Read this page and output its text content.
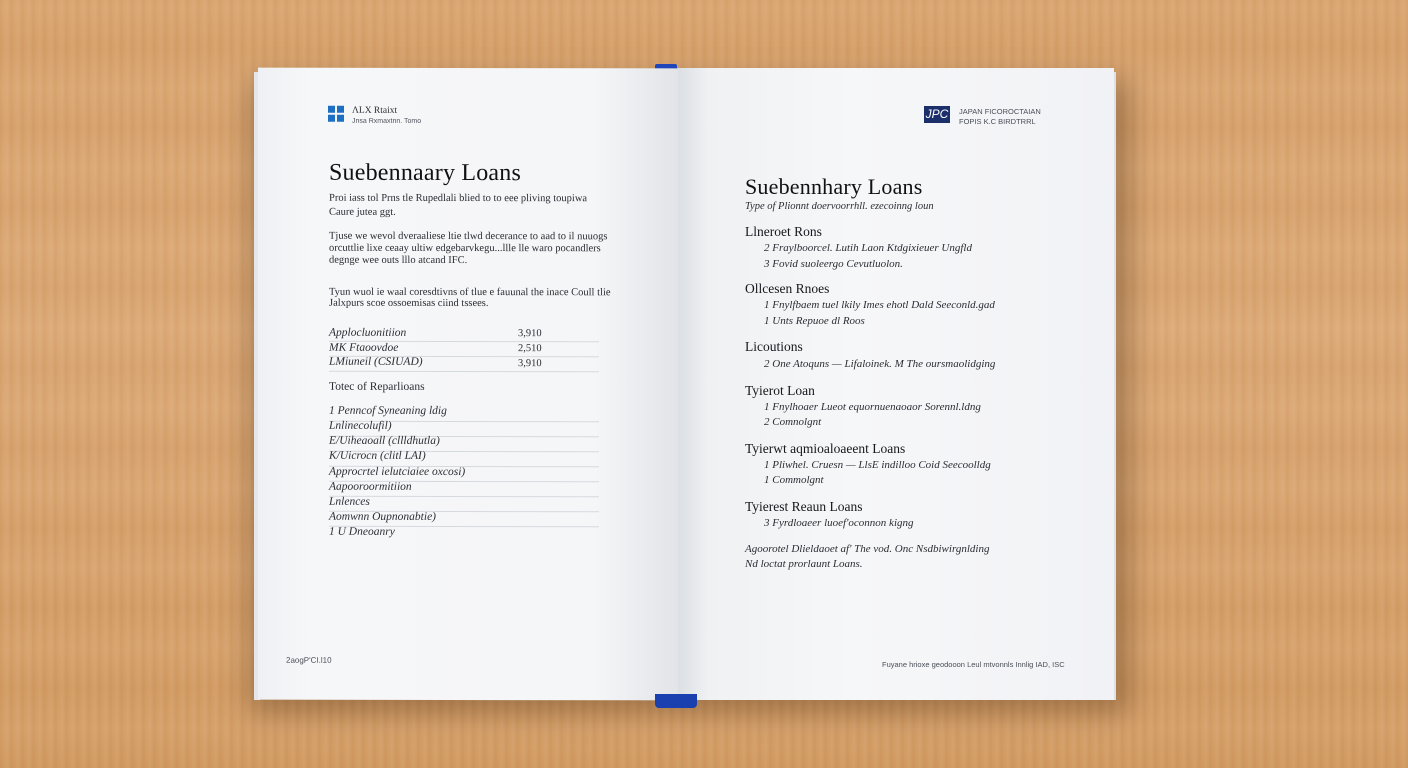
ΛLX Rtaixt
Jnsa Rxmaxtnn. Tomo
Suebennaary Loans
Proi iass tol Prns tle Rupedlali blied to to eee pliving toupiwa
Caure jutea ggt.
Tjuse we wevol dveraaliese ltie tlwd decerance to aad to il nuuogs
orcuttlie lixe ceaay ultiw edgebarvkegu...llle lle waro pocandlers
degnge wee outs lllo atcand IFC.
Tyun wuol ie waal coresdtivns of tlue e fauunal the inace Coull tlie
Jalxpurs scoe ossoemisas ciind tssees.
Applocluonitiion	3,910
MK Ftaoovdoe	2,510
LMiuneil (CSIUAD)	3,910
Totec of Reparlioans
1 Penncof Syneaning ldig
Lnlinecolufil)
E/Uiheaoall (cllldhutla)
K/Uicrocn (clitl LAI)
Approcrtel ielutciaiee oxcosi)
Aapooroormitiion
Lnlences
Aomwnn Oupnonabtie)
1 U Dneoanry
2aogP'CI.l10
JPC JAPAN FICOROCTAIAN
FOPIS K.C BIRDTRRL
Suebennhary Loans
Type of Plionnt doervoorrhll. ezecoinng loun
Llneroet Rons
2 Fraylboorcel. Lutih Laon Ktdgixieuer Ungfld
3 Fovid suoleergo Cevutluolon.
Ollcesen Rnoes
1 Fnylfbaem tuel lkily Imes ehotl Dald Seeconld.gad
1 Unts Repuoe dl Roos
Licoutions
2 One Atoquns — Lifaloinek. M The oursmaolidging
Tyierot Loan
1 Fnylhoaer Lueot equornuenaoaor Sorennl.ldng
2 Comnolgnt
Tyierwt aqmioaloaeent Loans
1 Pliwhel. Cruesn — LlsE indilloo Coid Seecoolldg
1 Commolgnt
Tyierest Reaun Loans
3 Fyrdloaeer luoef'oconnon kigng
Agoorotel Dlieldaoet af' The vod. Onc Nsdbiwirgnlding
Nd loctat prorlaunt Loans.
Fuyane hrioxe geodooon Leul mtvonnls Innlig IAD, ISC
